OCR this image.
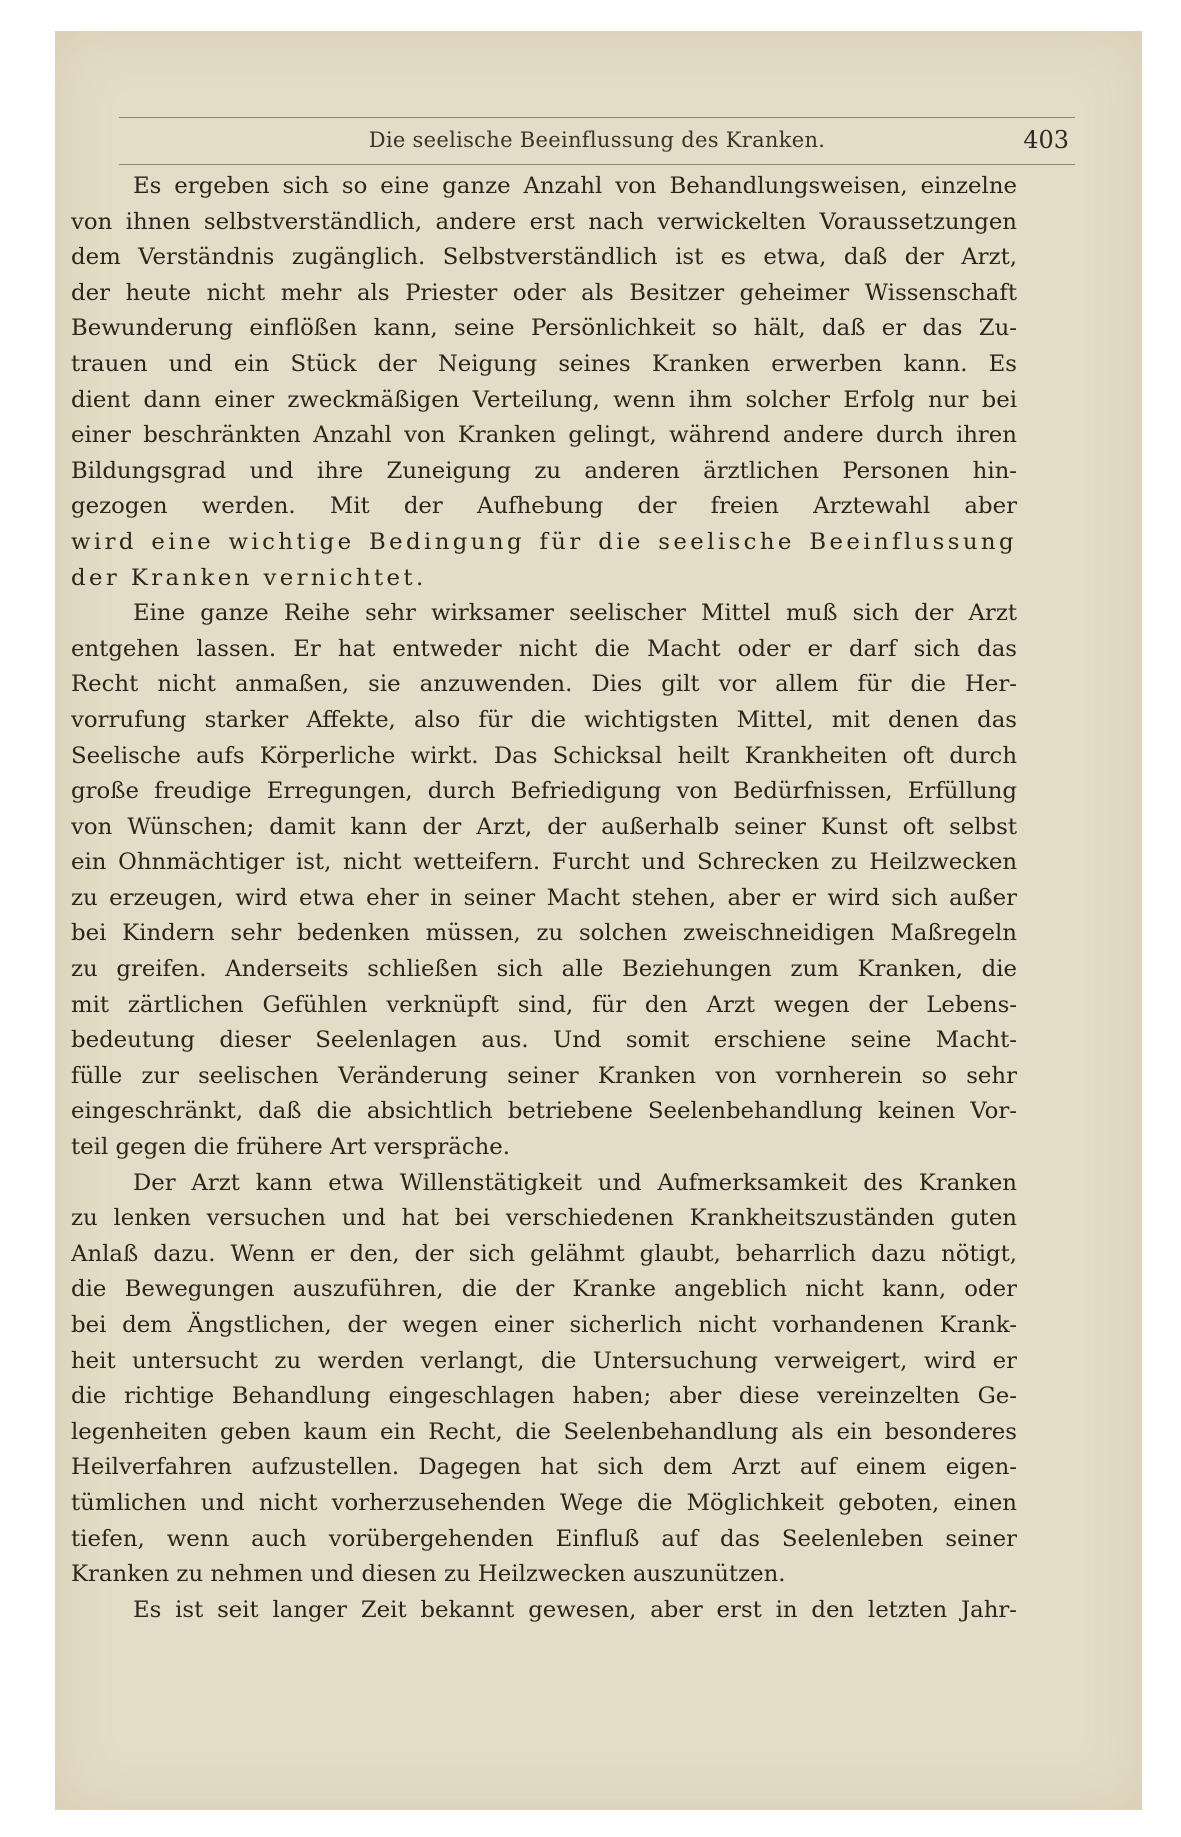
Die seelische Beeinflussung des Kranken.	403
Es ergeben sich so eine ganze Anzahl von Behandlungsweisen, einzelne
von ihnen selbstverständlich, andere erst nach verwickelten Voraussetzungen
dem Verständnis zugänglich. Selbstverständlich ist es etwa, daß der Arzt,
der heute nicht mehr als Priester oder als Besitzer geheimer Wissenschaft
Bewunderung einflößen kann, seine Persönlichkeit so hält, daß er das Zu-
trauen und ein Stück der Neigung seines Kranken erwerben kann. Es
dient dann einer zweckmäßigen Verteilung, wenn ihm solcher Erfolg nur bei
einer beschränkten Anzahl von Kranken gelingt, während andere durch ihren
Bildungsgrad und ihre Zuneigung zu anderen ärztlichen Personen hin-
gezogen werden. Mit der Aufhebung der freien Arztewahl aber
wird eine wichtige Bedingung für die seelische Beeinflussung
der Kranken vernichtet.
Eine ganze Reihe sehr wirksamer seelischer Mittel muß sich der Arzt
entgehen lassen. Er hat entweder nicht die Macht oder er darf sich das
Recht nicht anmaßen, sie anzuwenden. Dies gilt vor allem für die Her-
vorrufung starker Affekte, also für die wichtigsten Mittel, mit denen das
Seelische aufs Körperliche wirkt. Das Schicksal heilt Krankheiten oft durch
große freudige Erregungen, durch Befriedigung von Bedürfnissen, Erfüllung
von Wünschen; damit kann der Arzt, der außerhalb seiner Kunst oft selbst
ein Ohnmächtiger ist, nicht wetteifern. Furcht und Schrecken zu Heilzwecken
zu erzeugen, wird etwa eher in seiner Macht stehen, aber er wird sich außer
bei Kindern sehr bedenken müssen, zu solchen zweischneidigen Maßregeln
zu greifen. Anderseits schließen sich alle Beziehungen zum Kranken, die
mit zärtlichen Gefühlen verknüpft sind, für den Arzt wegen der Lebens-
bedeutung dieser Seelenlagen aus. Und somit erschiene seine Macht-
fülle zur seelischen Veränderung seiner Kranken von vornherein so sehr
eingeschränkt, daß die absichtlich betriebene Seelenbehandlung keinen Vor-
teil gegen die frühere Art verspräche.
Der Arzt kann etwa Willenstätigkeit und Aufmerksamkeit des Kranken
zu lenken versuchen und hat bei verschiedenen Krankheitszuständen guten
Anlaß dazu. Wenn er den, der sich gelähmt glaubt, beharrlich dazu nötigt,
die Bewegungen auszuführen, die der Kranke angeblich nicht kann, oder
bei dem Ängstlichen, der wegen einer sicherlich nicht vorhandenen Krank-
heit untersucht zu werden verlangt, die Untersuchung verweigert, wird er
die richtige Behandlung eingeschlagen haben; aber diese vereinzelten Ge-
legenheiten geben kaum ein Recht, die Seelenbehandlung als ein besonderes
Heilverfahren aufzustellen. Dagegen hat sich dem Arzt auf einem eigen-
tümlichen und nicht vorherzusehenden Wege die Möglichkeit geboten, einen
tiefen, wenn auch vorübergehenden Einfluß auf das Seelenleben seiner
Kranken zu nehmen und diesen zu Heilzwecken auszunützen.
Es ist seit langer Zeit bekannt gewesen, aber erst in den letzten Jahr-
